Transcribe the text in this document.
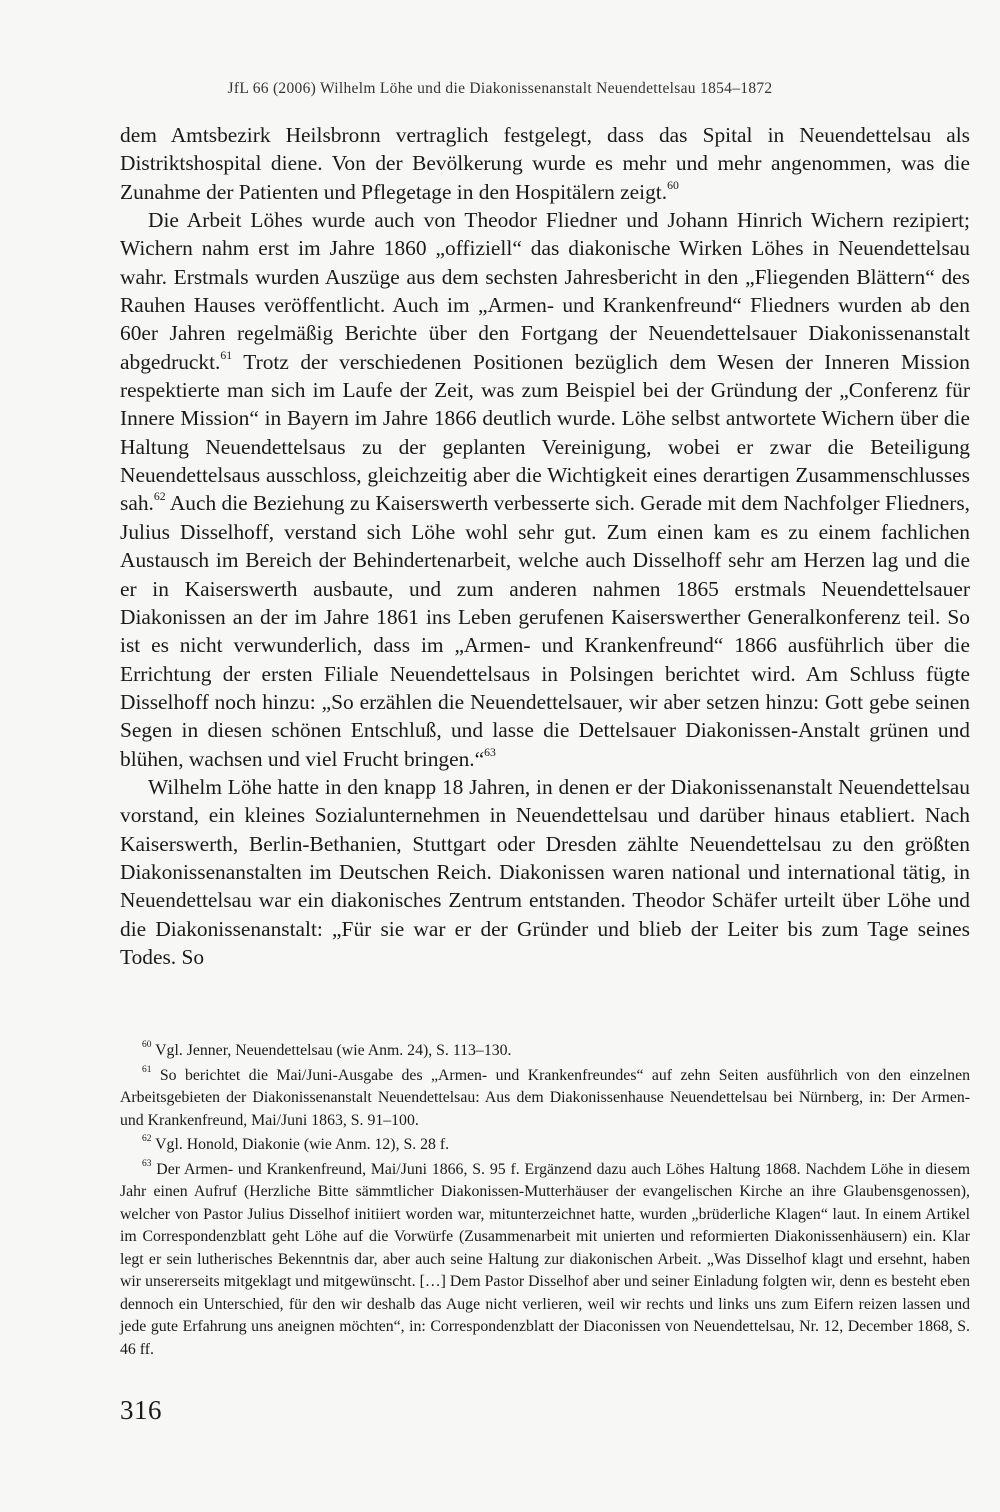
JfL 66 (2006) Wilhelm Löhe und die Diakonissenanstalt Neuendettelsau 1854–1872

dem Amtsbezirk Heilsbronn vertraglich festgelegt, dass das Spital in Neuendettelsau als Distriktshospital diene. Von der Bevölkerung wurde es mehr und mehr angenommen, was die Zunahme der Patienten und Pflegetage in den Hospitälern zeigt.$^{60}$

Die Arbeit Löhes wurde auch von Theodor Fliedner und Johann Hinrich Wichern rezipiert; Wichern nahm erst im Jahre 1860 „offiziell“ das diakonische Wirken Löhes in Neuendettelsau wahr. Erstmals wurden Auszüge aus dem sechsten Jahresbericht in den „Fliegenden Blättern“ des Rauhen Hauses veröffentlicht. Auch im „Armen- und Krankenfreund“ Fliedners wurden ab den 60er Jahren regelmäßig Berichte über den Fortgang der Neuendettelsauer Diakonissenanstalt abgedruckt.$^{61}$ Trotz der verschiedenen Positionen bezüglich dem Wesen der Inneren Mission respektierte man sich im Laufe der Zeit, was zum Beispiel bei der Gründung der „Conferenz für Innere Mission“ in Bayern im Jahre 1866 deutlich wurde. Löhe selbst antwortete Wichern über die Haltung Neuendettelsaus zu der geplanten Vereinigung, wobei er zwar die Beteiligung Neuendettelsaus ausschloss, gleichzeitig aber die Wichtigkeit eines derartigen Zusammenschlusses sah.$^{62}$ Auch die Beziehung zu Kaiserswerth verbesserte sich. Gerade mit dem Nachfolger Fliedners, Julius Disselhoff, verstand sich Löhe wohl sehr gut. Zum einen kam es zu einem fachlichen Austausch im Bereich der Behindertenarbeit, welche auch Disselhoff sehr am Herzen lag und die er in Kaiserswerth ausbaute, und zum anderen nahmen 1865 erstmals Neuendettelsauer Diakonissen an der im Jahre 1861 ins Leben gerufenen Kaiserswerther Generalkonferenz teil. So ist es nicht verwunderlich, dass im „Armen- und Krankenfreund“ 1866 ausführlich über die Errichtung der ersten Filiale Neuendettelsaus in Polsingen berichtet wird. Am Schluss fügte Disselhoff noch hinzu: „So erzählen die Neuendettelsauer, wir aber setzen hinzu: Gott gebe seinen Segen in diesen schönen Entschluß, und lasse die Dettelsauer Diakonissen-Anstalt grünen und blühen, wachsen und viel Frucht bringen.“$^{63}$

Wilhelm Löhe hatte in den knapp 18 Jahren, in denen er der Diakonissenanstalt Neuendettelsau vorstand, ein kleines Sozialunternehmen in Neuendettelsau und darüber hinaus etabliert. Nach Kaiserswerth, Berlin-Bethanien, Stuttgart oder Dresden zählte Neuendettelsau zu den größten Diakonissenanstalten im Deutschen Reich. Diakonissen waren national und international tätig, in Neuendettelsau war ein diakonisches Zentrum entstanden. Theodor Schäfer urteilt über Löhe und die Diakonissenanstalt: „Für sie war er der Gründer und blieb der Leiter bis zum Tage seines Todes. So

$^{60}$ Vgl. Jenner, Neuendettelsau (wie Anm. 24), S. 113–130.

$^{61}$ So berichtet die Mai/Juni-Ausgabe des „Armen- und Krankenfreundes“ auf zehn Seiten ausführlich von den einzelnen Arbeitsgebieten der Diakonissenanstalt Neuendettelsau: Aus dem Diakonissenhause Neuendettelsau bei Nürnberg, in: Der Armen- und Krankenfreund, Mai/Juni 1863, S. 91–100.

$^{62}$ Vgl. Honold, Diakonie (wie Anm. 12), S. 28 f.

$^{63}$ Der Armen- und Krankenfreund, Mai/Juni 1866, S. 95 f. Ergänzend dazu auch Löhes Haltung 1868. Nachdem Löhe in diesem Jahr einen Aufruf (Herzliche Bitte sämmtlicher Diakonissen-Mutterhäuser der evangelischen Kirche an ihre Glaubensgenossen), welcher von Pastor Julius Disselhof initiiert worden war, mitunterzeichnet hatte, wurden „brüderliche Klagen“ laut. In einem Artikel im Correspondenzblatt geht Löhe auf die Vorwürfe (Zusammenarbeit mit unierten und reformierten Diakonissenhäusern) ein. Klar legt er sein lutherisches Bekenntnis dar, aber auch seine Haltung zur diakonischen Arbeit. „Was Disselhof klagt und ersehnt, haben wir unsererseits mitgeklagt und mitgewünscht. […] Dem Pastor Disselhof aber und seiner Einladung folgten wir, denn es besteht eben dennoch ein Unterschied, für den wir deshalb das Auge nicht verlieren, weil wir rechts und links uns zum Eifern reizen lassen und jede gute Erfahrung uns aneignen möchten“, in: Correspondenzblatt der Diaconissen von Neuendettelsau, Nr. 12, December 1868, S. 46 ff.

316
